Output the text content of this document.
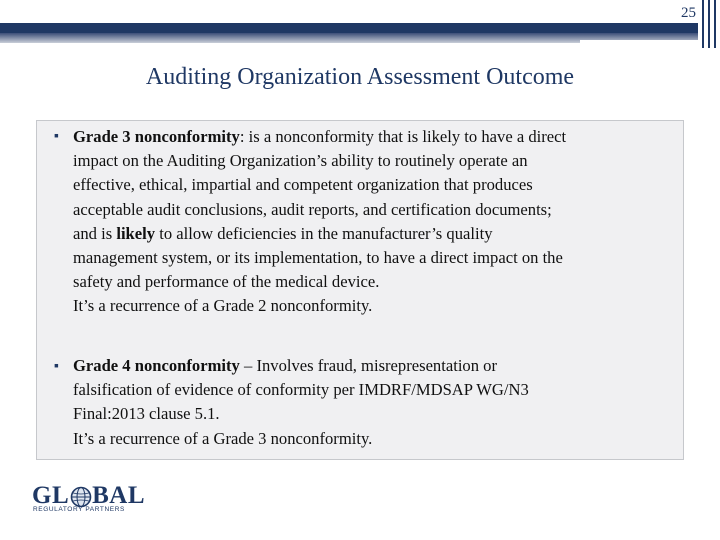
25
Auditing Organization Assessment Outcome
▪ Grade 3 nonconformity: is a nonconformity that is likely to have a direct
impact on the Auditing Organization’s ability to routinely operate an
effective, ethical, impartial and competent organization that produces
acceptable audit conclusions, audit reports, and certification documents;
and is likely to allow deficiencies in the manufacturer’s quality
management system, or its implementation, to have a direct impact on the
safety and performance of the medical device.
It’s a recurrence of a Grade 2 nonconformity.
▪ Grade 4 nonconformity – Involves fraud, misrepresentation or
falsification of evidence of conformity per IMDRF/MDSAP WG/N3
Final:2013 clause 5.1.
It’s a recurrence of a Grade 3 nonconformity.
GL BAL
REGULATORY PARTNERS
